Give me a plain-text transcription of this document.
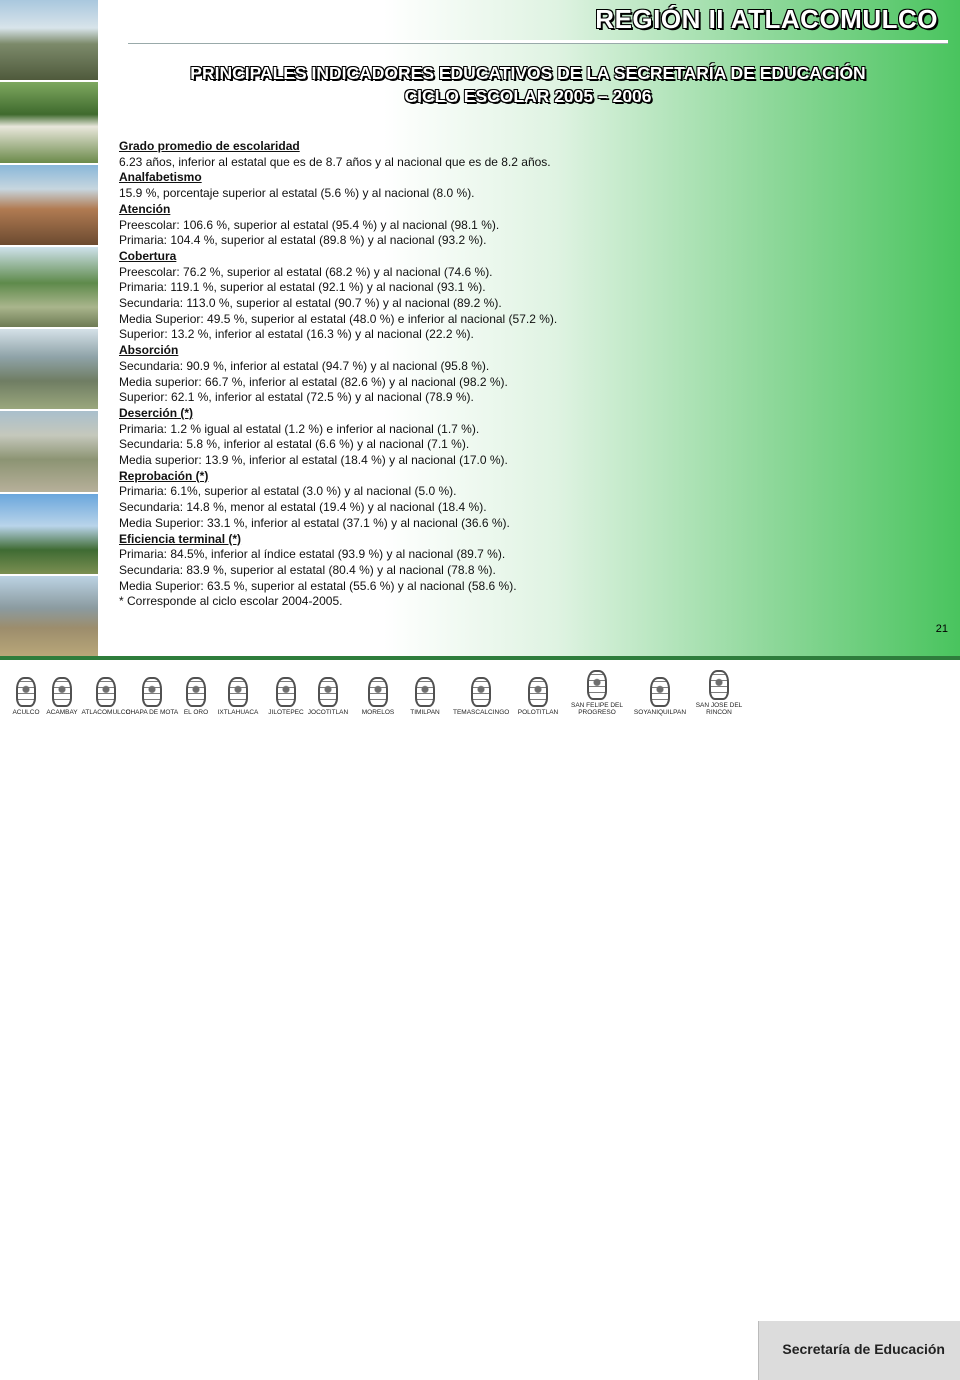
REGIÓN II ATLACOMULCO
PRINCIPALES INDICADORES EDUCATIVOS DE LA SECRETARÍA DE EDUCACIÓN
CICLO ESCOLAR 2005 – 2006
Grado promedio de escolaridad
6.23 años, inferior al estatal que es de 8.7 años y al nacional que es de 8.2 años.
Analfabetismo
15.9 %, porcentaje superior al estatal (5.6 %) y al nacional (8.0 %).
Atención
Preescolar: 106.6 %, superior al estatal (95.4 %) y al nacional (98.1 %).
Primaria: 104.4 %, superior al estatal (89.8 %) y al nacional (93.2 %).
Cobertura
Preescolar: 76.2 %, superior al estatal (68.2 %) y al nacional (74.6 %).
Primaria: 119.1 %, superior al estatal (92.1 %) y al nacional (93.1 %).
Secundaria: 113.0 %, superior al estatal (90.7 %) y al nacional (89.2 %).
Media Superior: 49.5 %, superior al estatal (48.0 %) e inferior al nacional (57.2 %).
Superior: 13.2 %, inferior al estatal (16.3 %) y al nacional (22.2 %).
Absorción
Secundaria: 90.9 %, inferior al estatal (94.7 %) y al nacional (95.8 %).
Media superior: 66.7 %, inferior al estatal (82.6 %) y al nacional (98.2 %).
Superior: 62.1 %, inferior al estatal (72.5 %) y al nacional (78.9 %).
Deserción (*)
Primaria: 1.2 % igual al estatal (1.2 %) e inferior al nacional (1.7 %).
Secundaria: 5.8 %, inferior al estatal (6.6 %) y al nacional (7.1 %).
Media superior: 13.9 %, inferior al estatal (18.4 %) y al nacional (17.0 %).
Reprobación (*)
Primaria: 6.1%, superior al estatal (3.0 %) y al nacional (5.0 %).
Secundaria: 14.8 %, menor al estatal (19.4 %) y al nacional (18.4 %).
Media Superior: 33.1 %, inferior al estatal (37.1 %) y al nacional (36.6 %).
Eficiencia terminal (*)
Primaria: 84.5%, inferior al índice estatal (93.9 %) y al nacional (89.7 %).
Secundaria: 83.9 %, superior al estatal (80.4 %) y al nacional (78.8 %).
Media Superior: 63.5 %, superior al estatal (55.6 %) y al nacional (58.6 %).
* Corresponde al ciclo escolar 2004-2005.
21
ACULCO	ACAMBAY ATLACOMULCO
CHAPA DE MOTA EL ORO	IXTLAHUACA	JILOTEPEC JOCOTITLAN	MORELOS	TIMILPAN	TEMASCALCINGO	POLOTITLAN
SAN FELIPE DEL PROGRESO	SOYANIQUILPAN
SAN JOSE DEL RINCON
Secretaría de Educación
